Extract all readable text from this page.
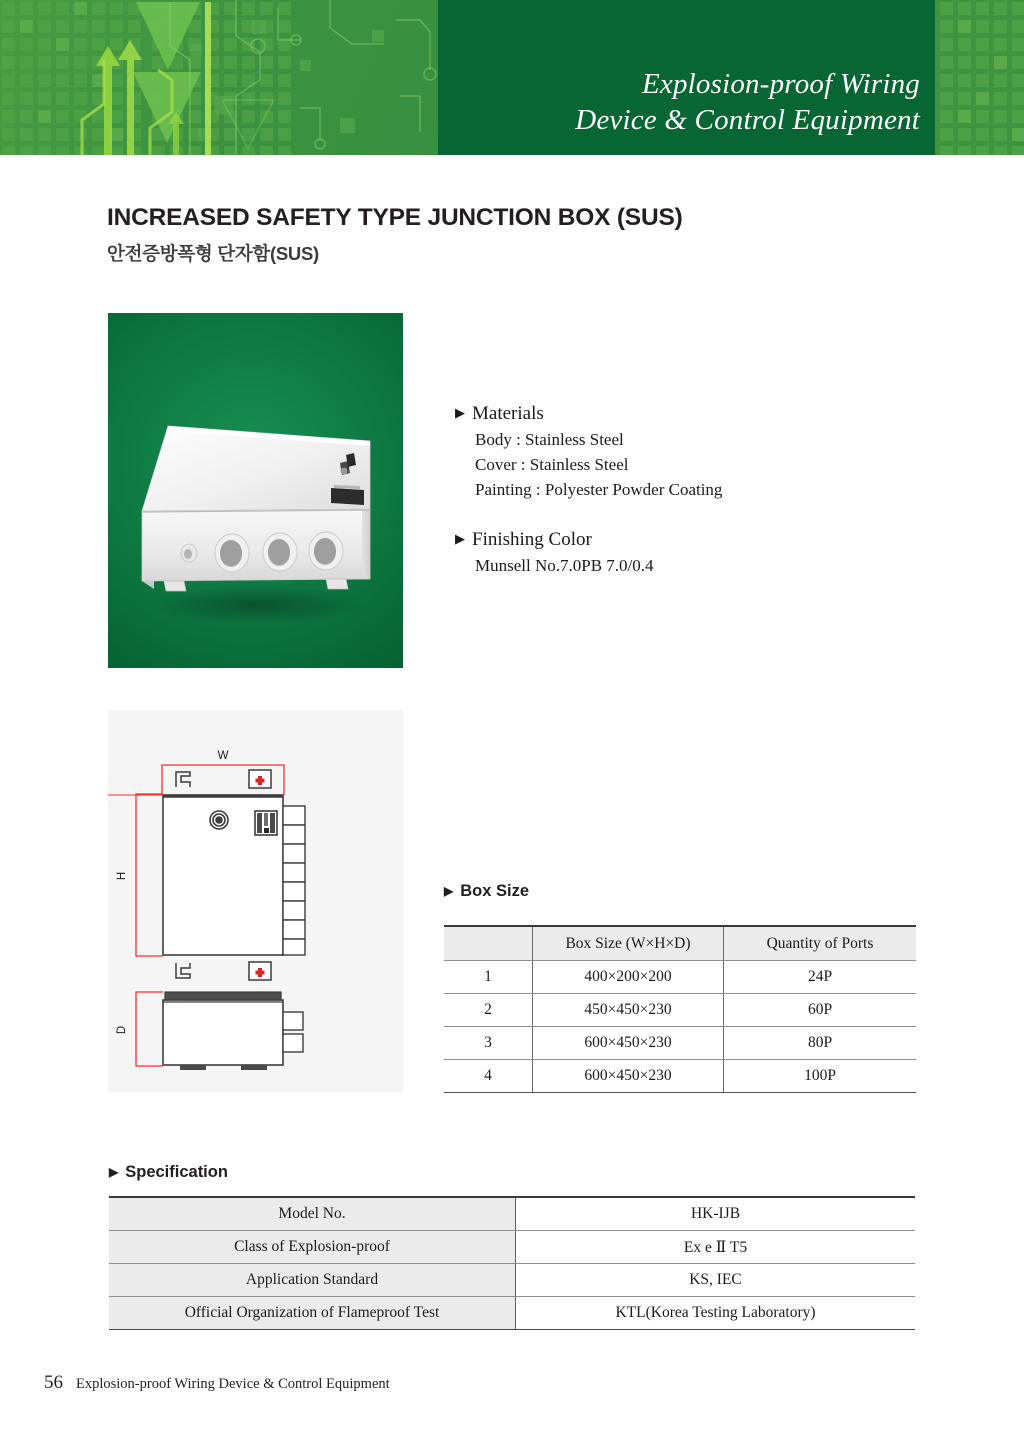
Explosion-proof Wiring
Device & Control Equipment
INCREASED SAFETY TYPE JUNCTION BOX (SUS)
안전증방폭형 단자함(SUS)
▶ Materials
Body : Stainless Steel
Cover : Stainless Steel
Painting : Polyester Powder Coating
▶ Finishing Color
Munsell No.7.0PB 7.0/0.4
W
H
D
▶ Box Size
	Box Size (W×H×D)	Quantity of Ports
1	400×200×200	24P
2	450×450×230	60P
3	600×450×230	80P
4	600×450×230	100P
▶ Specification
Model No.	HK-IJB
Class of Explosion-proof	Ex e Ⅱ T5
Application Standard	KS, IEC
Official Organization of Flameproof Test	KTL(Korea Testing Laboratory)
56 Explosion-proof Wiring Device & Control Equipment
